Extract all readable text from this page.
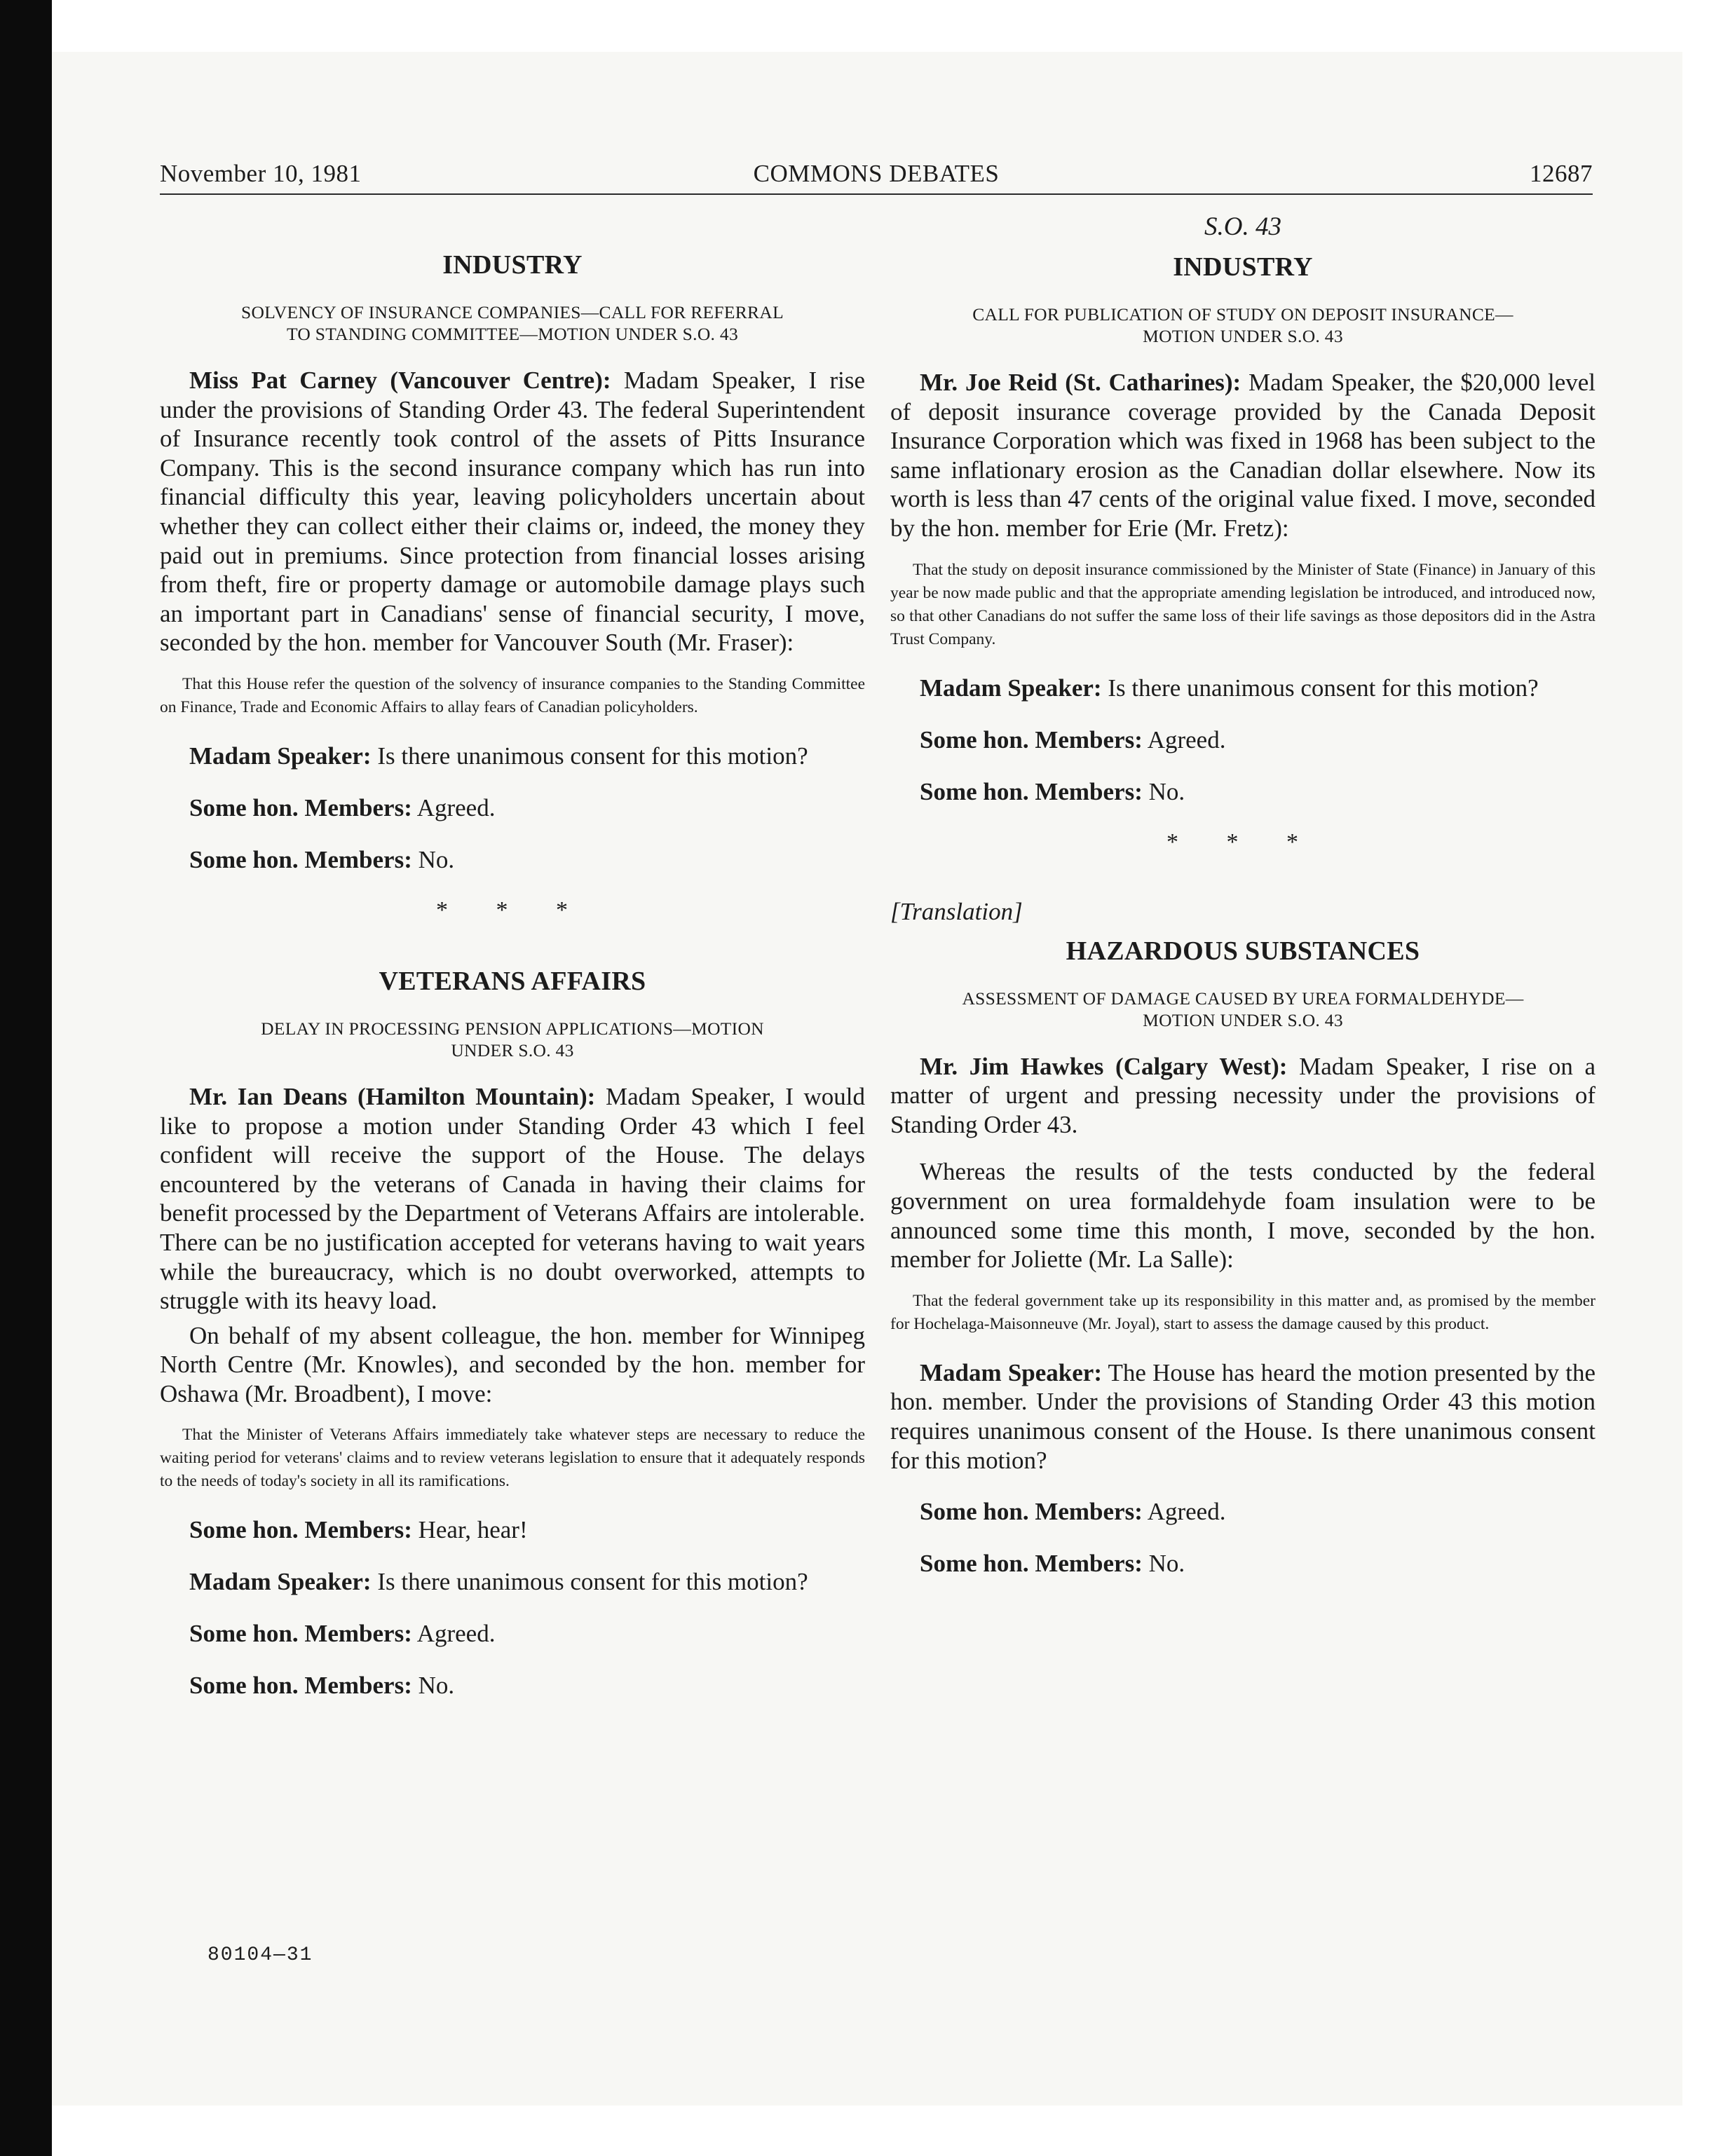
November 10, 1981	COMMONS DEBATES	12687
INDUSTRY
SOLVENCY OF INSURANCE COMPANIES—CALL FOR REFERRAL
TO STANDING COMMITTEE—MOTION UNDER S.O. 43

Miss Pat Carney (Vancouver Centre): Madam Speaker, I rise under the provisions of Standing Order 43. The federal Superintendent of Insurance recently took control of the assets of Pitts Insurance Company. This is the second insurance company which has run into financial difficulty this year, leaving policyholders uncertain about whether they can collect either their claims or, indeed, the money they paid out in premiums. Since protection from financial losses arising from theft, fire or property damage or automobile damage plays such an important part in Canadians' sense of financial security, I move, seconded by the hon. member for Vancouver South (Mr. Fraser):

That this House refer the question of the solvency of insurance companies to the Standing Committee on Finance, Trade and Economic Affairs to allay fears of Canadian policyholders.

Madam Speaker: Is there unanimous consent for this motion?

Some hon. Members: Agreed.

Some hon. Members: No.

* * *
VETERANS AFFAIRS
DELAY IN PROCESSING PENSION APPLICATIONS—MOTION
UNDER S.O. 43

Mr. Ian Deans (Hamilton Mountain): Madam Speaker, I would like to propose a motion under Standing Order 43 which I feel confident will receive the support of the House. The delays encountered by the veterans of Canada in having their claims for benefit processed by the Department of Veterans Affairs are intolerable. There can be no justification accepted for veterans having to wait years while the bureaucracy, which is no doubt overworked, attempts to struggle with its heavy load.

On behalf of my absent colleague, the hon. member for Winnipeg North Centre (Mr. Knowles), and seconded by the hon. member for Oshawa (Mr. Broadbent), I move:

That the Minister of Veterans Affairs immediately take whatever steps are necessary to reduce the waiting period for veterans' claims and to review veterans legislation to ensure that it adequately responds to the needs of today's society in all its ramifications.

Some hon. Members: Hear, hear!

Madam Speaker: Is there unanimous consent for this motion?

Some hon. Members: Agreed.

Some hon. Members: No.

S.O. 43
INDUSTRY
CALL FOR PUBLICATION OF STUDY ON DEPOSIT INSURANCE—
MOTION UNDER S.O. 43

Mr. Joe Reid (St. Catharines): Madam Speaker, the $20,000 level of deposit insurance coverage provided by the Canada Deposit Insurance Corporation which was fixed in 1968 has been subject to the same inflationary erosion as the Canadian dollar elsewhere. Now its worth is less than 47 cents of the original value fixed. I move, seconded by the hon. member for Erie (Mr. Fretz):

That the study on deposit insurance commissioned by the Minister of State (Finance) in January of this year be now made public and that the appropriate amending legislation be introduced, and introduced now, so that other Canadians do not suffer the same loss of their life savings as those depositors did in the Astra Trust Company.

Madam Speaker: Is there unanimous consent for this motion?

Some hon. Members: Agreed.

Some hon. Members: No.

* * *
[Translation]
HAZARDOUS SUBSTANCES
ASSESSMENT OF DAMAGE CAUSED BY UREA FORMALDEHYDE—
MOTION UNDER S.O. 43

Mr. Jim Hawkes (Calgary West): Madam Speaker, I rise on a matter of urgent and pressing necessity under the provisions of Standing Order 43.

Whereas the results of the tests conducted by the federal government on urea formaldehyde foam insulation were to be announced some time this month, I move, seconded by the hon. member for Joliette (Mr. La Salle):

That the federal government take up its responsibility in this matter and, as promised by the member for Hochelaga-Maisonneuve (Mr. Joyal), start to assess the damage caused by this product.

Madam Speaker: The House has heard the motion presented by the hon. member. Under the provisions of Standing Order 43 this motion requires unanimous consent of the House. Is there unanimous consent for this motion?

Some hon. Members: Agreed.

Some hon. Members: No.

80104—31
